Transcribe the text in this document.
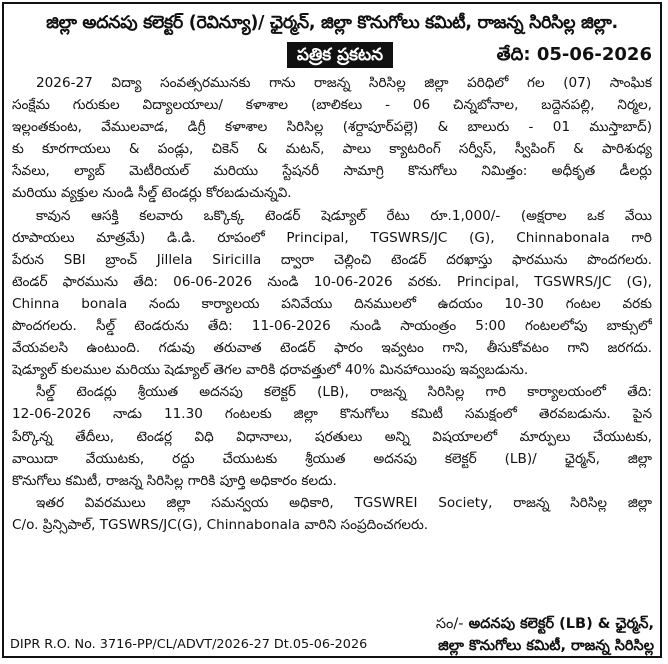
జిల్లా అదనపు కలెక్టర్ (రెవిన్యూ)/ ఛైర్మన్, జిల్లా కొనుగోలు కమిటీ, రాజన్న సిరిసిల్ల జిల్లా.
పత్రిక ప్రకటన	తేది: 05-06-2026

2026-27 విద్యా సంవత్సరమునకు గాను రాజన్న సిరిసిల్ల జిల్లా పరిధిలో గల (07) సాంఘిక
సంక్షేమ గురుకుల విద్యాలయాలు/ కళాశాల (బాలికలు - 06 చిన్నబోనాల, బద్దెనపల్లి, నిర్మల,
ఇల్లంతకుంట, వేములవాడ, డిగ్రీ కళాశాల సిరిసిల్ల (శర్దాపూర్‌పల్లె) & బాలురు - 01 ముస్తాబాద్)
కు కూరగాయలు & పండ్లు, చికెన్ & మటన్, పాలు క్యాటరింగ్ సర్వీస్, స్వీపింగ్ & పారిశుధ్య
సేవలు, ల్యాబ్ మెటీరియల్ మరియు స్టేషనరీ సామాగ్రి కొనుగోలు నిమిత్తం: అధీకృత డీలర్లు
మరియు వ్యక్తుల నుండి సీల్డ్ టెండర్లు కోరబడుచున్నవి.

కావున ఆసక్తి కలవారు ఒక్కొక్క టెండర్ షెడ్యూల్ రేటు రూ.1,000/- (అక్షరాల ఒక వేయి
రూపాయలు మాత్రమే) డి.డి. రూపంలో Principal, TGSWRS/JC (G), Chinnabonala గారి
పేరున SBI బ్రాంచ్ Jillela Siricilla ద్వారా చెల్లించి టెండర్ దరఖాస్తు ఫారమును పొందగలరు.
టెండర్ ఫారమును తేది: 06-06-2026 నుండి 10-06-2026 వరకు. Principal, TGSWRS/JC (G),
Chinna bonala నందు కార్యాలయ పనివేయు దినములలో ఉదయం 10-30 గంటల వరకు
పొందగలరు. సీల్డ్ టెండరును తేది: 11-06-2026 నుండి సాయంత్రం 5:00 గంటలలోపు బాక్సులో
వేయవలసి ఉంటుంది. గడువు తరువాత టెండర్ ఫారం ఇవ్వటం గాని, తీసుకోవటం గాని జరగదు.
షెడ్యూల్ కులముల మరియు షెడ్యూల్ తెగల వారికి ధరావత్తులో 40% మినహాయింపు ఇవ్వబడును.

సీల్డ్ టెండర్లు శ్రీయుత అదనపు కలెక్టర్ (LB), రాజన్న సిరిసిల్ల గారి కార్యాలయంలో తేది:
12-06-2026 నాడు 11.30 గంటలకు జిల్లా కొనుగోలు కమిటీ సమక్షంలో తెరవబడును. పైన
పేర్కొన్న తేదీలు, టెండర్ల విధి విధానాలు, షరతులు అన్ని విషయాలలో మార్పులు చేయుటకు,
వాయిదా వేయుటకు, రద్దు చేయుటకు శ్రీయుత అదనపు కలెక్టర్ (LB)/ ఛైర్మన్, జిల్లా
కొనుగోలు కమిటీ, రాజన్న సిరిసిల్ల గారికి పూర్తి అధికారం కలదు.

ఇతర వివరములు జిల్లా సమన్వయ అధికారి, TGSWREI Society, రాజన్న సిరిసిల్ల జిల్లా
C/o. ప్రిన్సిపాల్, TGSWRS/JC(G), Chinnabonala వారిని సంప్రదించగలరు.

సం/- అదనపు కలెక్టర్ (LB) & ఛైర్మన్,
జిల్లా కొనుగోలు కమిటీ, రాజన్న సిరిసిల్ల
DIPR R.O. No. 3716-PP/CL/ADVT/2026-27 Dt.05-06-2026
